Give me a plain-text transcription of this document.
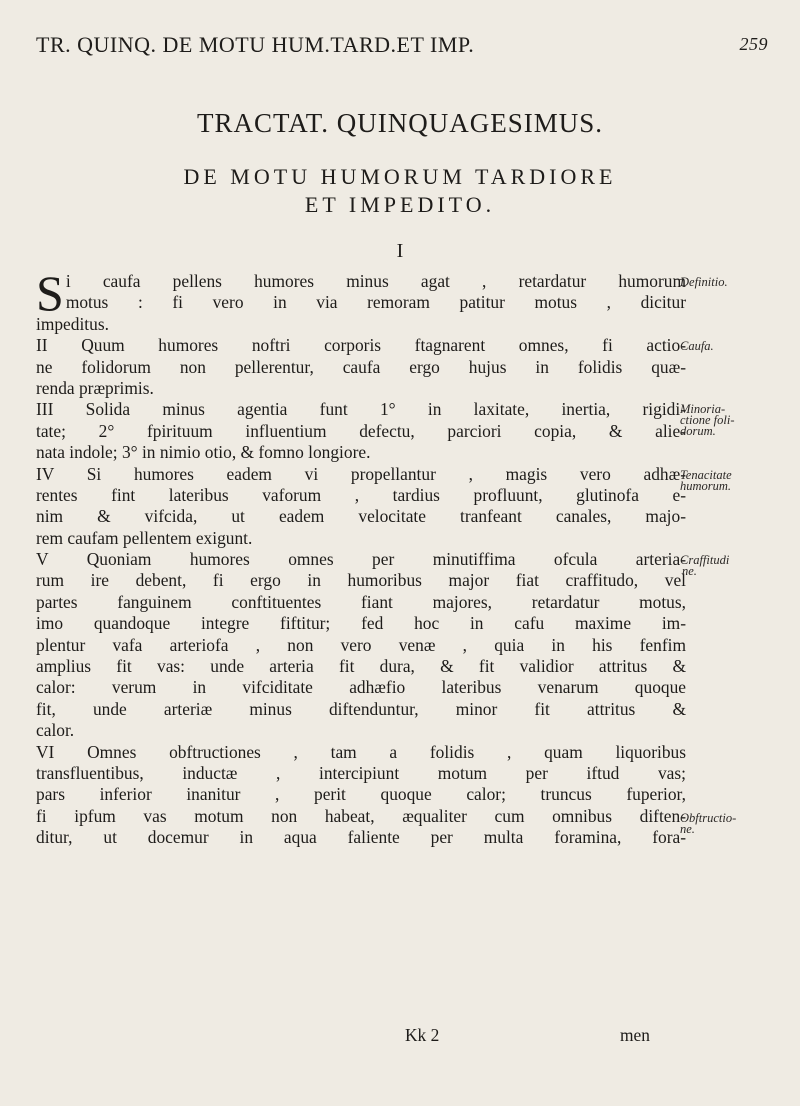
TR. QUINQ. DE MOTU HUM.TARD.ET IMP.	259
TRACTAT. QUINQUAGESIMUS.
DE MOTU HUMORUM TARDIORE
ET IMPEDITO.
I
S i caufa pellens humores minus agat , retardatur humorum
motus : fi vero in via remoram patitur motus , dicitur
impeditus.
II Quum humores noftri corporis ftagnarent omnes, fi actio-
ne folidorum non pellerentur, caufa ergo hujus in folidis quæ-
renda præprimis.
III Solida minus agentia funt 1° in laxitate, inertia, rigidi-
tate; 2° fpirituum influentium defectu, parciori copia, & alie-
nata indole; 3° in nimio otio, & fomno longiore.
IV Si humores eadem vi propellantur , magis vero adhæ-
rentes fint lateribus vaforum , tardius profluunt, glutinofa e-
nim & vifcida, ut eadem velocitate tranfeant canales, majo-
rem caufam pellentem exigunt.
V Quoniam humores omnes per minutiffima ofcula arteria-
rum ire debent, fi ergo in humoribus major fiat craffitudo, vel
partes fanguinem conftituentes fiant majores, retardatur motus,
imo quandoque integre fiftitur; fed hoc in cafu maxime im-
plentur vafa arteriofa , non vero venæ , quia in his fenfim
amplius fit vas: unde arteria fit dura, & fit validior attritus &
calor: verum in vifciditate adhæfio lateribus venarum quoque
fit, unde arteriæ minus diftenduntur, minor fit attritus &
calor.
VI Omnes obftructiones , tam a folidis , quam liquoribus
transfluentibus, inductæ , intercipiunt motum per iftud vas;
pars inferior inanitur , perit quoque calor; truncus fuperior,
fi ipfum vas motum non habeat, æqualiter cum omnibus diften-
ditur, ut docemur in aqua faliente per multa foramina, fora-
Definitio.
Caufa.
Minoria-
ctione foli-
dorum.
Tenacitate
humorum.
Craffitudi
ne.
Obftructio-
ne.
Kk 2	men
